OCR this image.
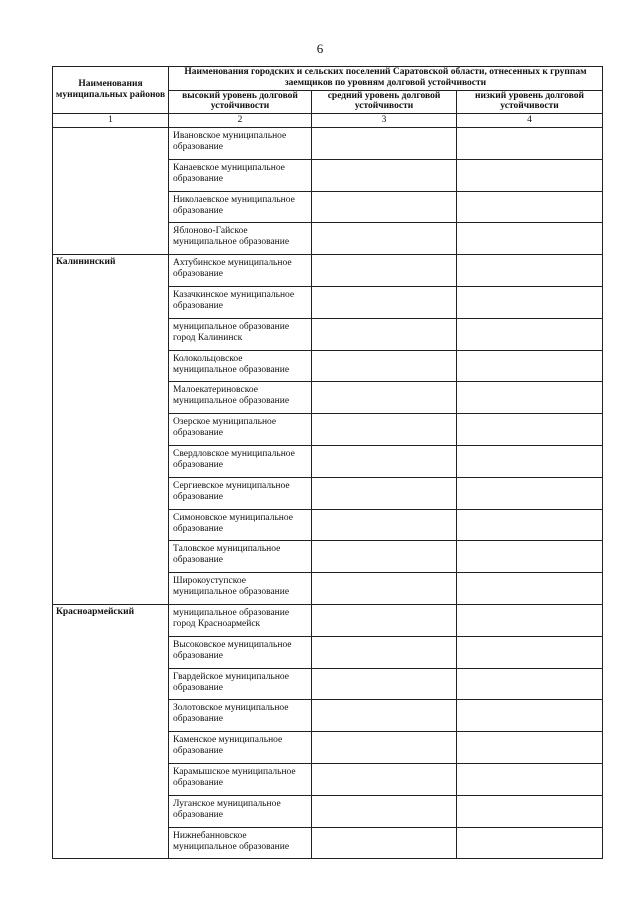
6
Наименования муниципальных районов	Наименования городских и сельских поселений Саратовской области, отнесенных к группам заемщиков по уровням долговой устойчивости		
	высокий уровень долговой устойчивости	средний уровень долговой устойчивости	низкий уровень долговой устойчивости
1	2	3	4
	Ивановское муниципальное образование		
	Канаевское муниципальное образование		
	Николаевское муниципальное образование		
	Яблоново-Гайское муниципальное образование		
Калининский	Ахтубинское муниципальное образование		
	Казачкинское муниципальное образование		
	муниципальное образование город Калининск		
	Колокольцовское муниципальное образование		
	Малоекатериновское муниципальное образование		
	Озерское муниципальное образование		
	Свердловское муниципальное образование		
	Сергиевское муниципальное образование		
	Симоновское муниципальное образование		
	Таловское муниципальное образование		
	Широкоуступское муниципальное образование		
Красноармейский	муниципальное образование город Красноармейск		
	Высоковское муниципальное образование		
	Гвардейское муниципальное образование		
	Золотовское муниципальное образование		
	Каменское муниципальное образование		
	Карамышское муниципальное образование		
	Луганское муниципальное образование		
	Нижнебанновское муниципальное образование		
